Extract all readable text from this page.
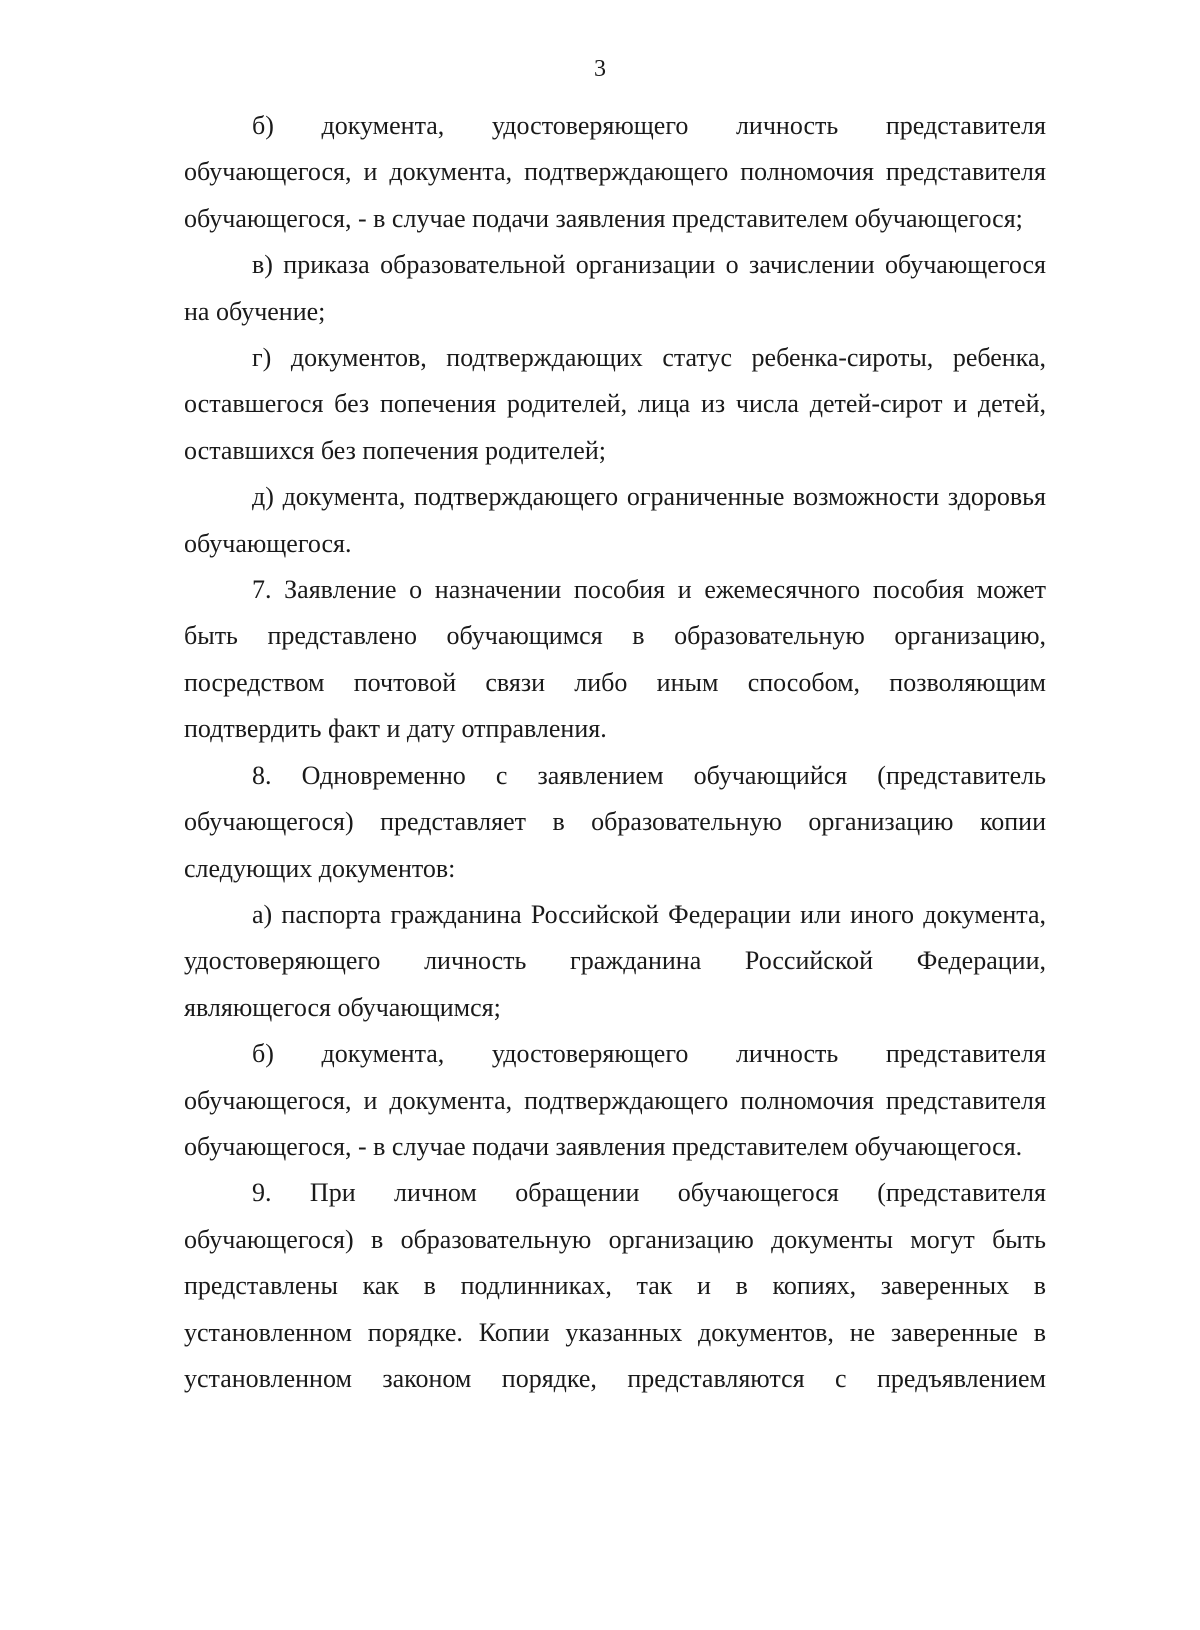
3

б) документа, удостоверяющего личность представителя обучающегося, и документа, подтверждающего полномочия представителя обучающегося, - в случае подачи заявления представителем обучающегося;

в) приказа образовательной организации о зачислении обучающегося на обучение;

г) документов, подтверждающих статус ребенка-сироты, ребенка, оставшегося без попечения родителей, лица из числа детей-сирот и детей, оставшихся без попечения родителей;

д) документа, подтверждающего ограниченные возможности здоровья обучающегося.

7. Заявление о назначении пособия и ежемесячного пособия может быть представлено обучающимся в образовательную организацию, посредством почтовой связи либо иным способом, позволяющим подтвердить факт и дату отправления.

8. Одновременно с заявлением обучающийся (представитель обучающегося) представляет в образовательную организацию копии следующих документов:

а) паспорта гражданина Российской Федерации или иного документа, удостоверяющего личность гражданина Российской Федерации, являющегося обучающимся;

б) документа, удостоверяющего личность представителя обучающегося, и документа, подтверждающего полномочия представителя обучающегося, - в случае подачи заявления представителем обучающегося.

9. При личном обращении обучающегося (представителя обучающегося) в образовательную организацию документы могут быть представлены как в подлинниках, так и в копиях, заверенных в установленном порядке. Копии указанных документов, не заверенные в установленном законом порядке, представляются с предъявлением
